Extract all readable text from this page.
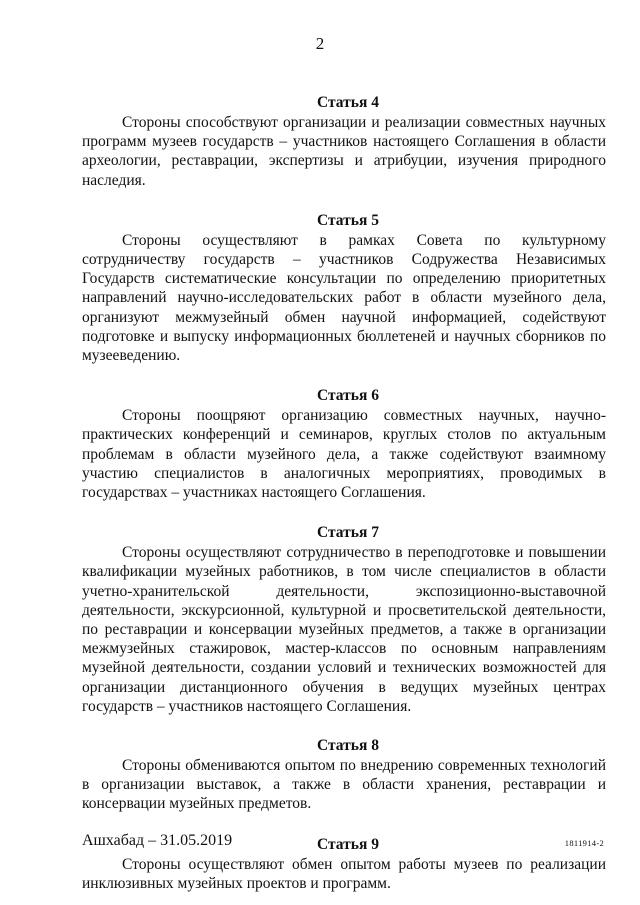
2
Статья 4

Стороны способствуют организации и реализации совместных научных программ музеев государств – участников настоящего Соглашения в области археологии, реставрации, экспертизы и атрибуции, изучения природного наследия.

Статья 5

Стороны осуществляют в рамках Совета по культурному сотрудничеству государств – участников Содружества Независимых Государств систематические консультации по определению приоритетных направлений научно-исследовательских работ в области музейного дела, организуют межмузейный обмен научной информацией, содействуют подготовке и выпуску информационных бюллетеней и научных сборников по музееведению.

Статья 6

Стороны поощряют организацию совместных научных, научно-практических конференций и семинаров, круглых столов по актуальным проблемам в области музейного дела, а также содействуют взаимному участию специалистов в аналогичных мероприятиях, проводимых в государствах – участниках настоящего Соглашения.

Статья 7

Стороны осуществляют сотрудничество в переподготовке и повышении квалификации музейных работников, в том числе специалистов в области учетно-хранительской деятельности, экспозиционно-выставочной деятельности, экскурсионной, культурной и просветительской деятельности, по реставрации и консервации музейных предметов, а также в организации межмузейных стажировок, мастер-классов по основным направлениям музейной деятельности, создании условий и технических возможностей для организации дистанционного обучения в ведущих музейных центрах государств – участников настоящего Соглашения.

Статья 8

Стороны обмениваются опытом по внедрению современных технологий в организации выставок, а также в области хранения, реставрации и консервации музейных предметов.

Статья 9

Стороны осуществляют обмен опытом работы музеев по реализации инклюзивных музейных проектов и программ.

Ашхабад – 31.05.2019	1811914-2
